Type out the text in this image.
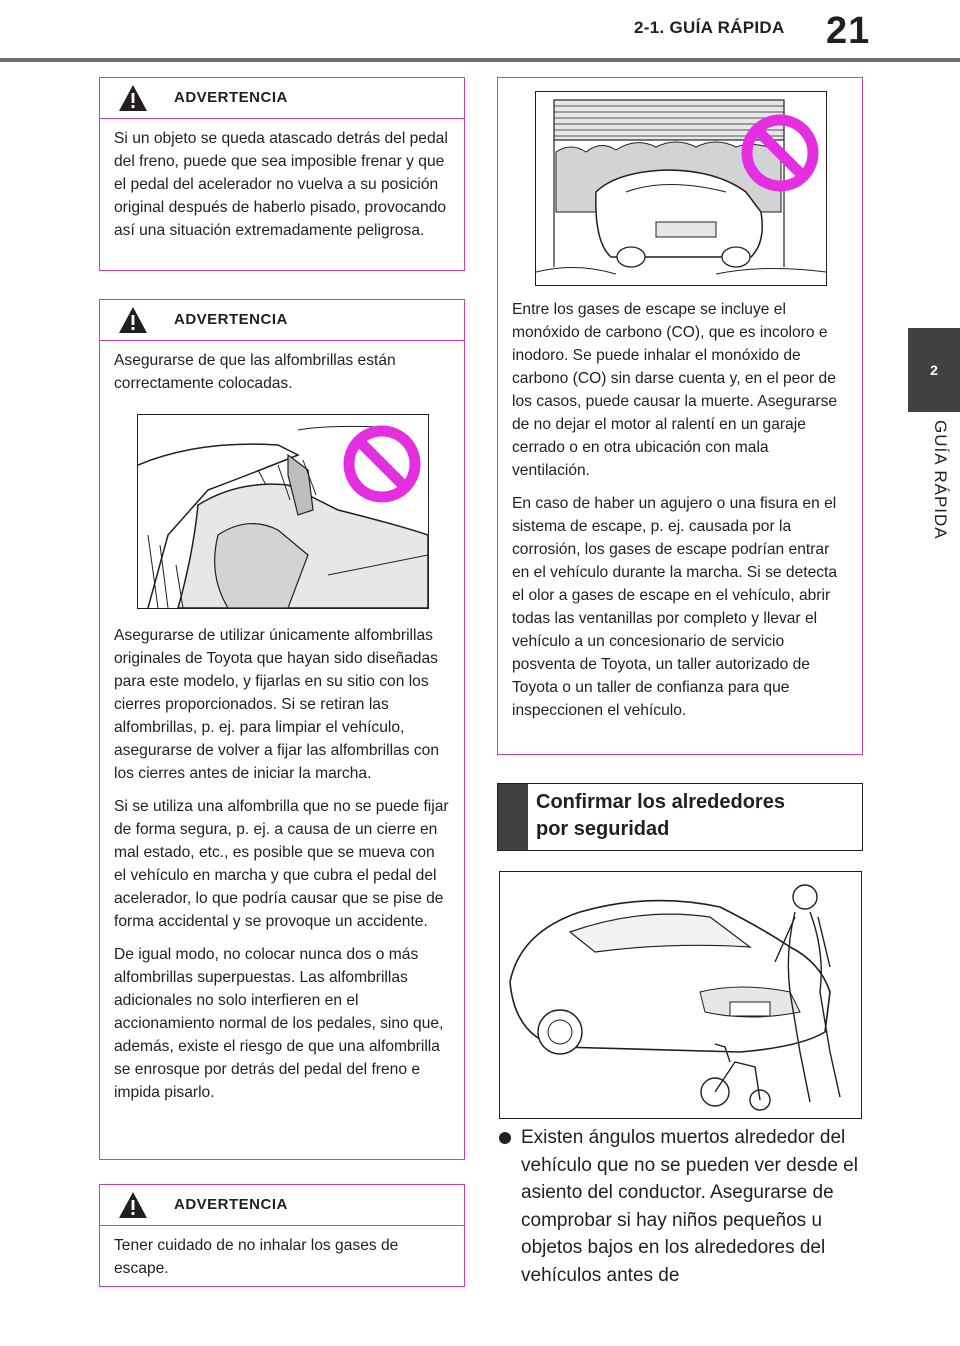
2-1. GUÍA RÁPIDA 21
2
GUÍA RÁPIDA
ADVERTENCIA

Si un objeto se queda atascado detrás del pedal del freno, puede que sea imposible frenar y que el pedal del acelerador no vuelva a su posición original después de haberlo pisado, provocando así una situación extremadamente peligrosa.

ADVERTENCIA

Asegurarse de que las alfombrillas están correctamente colocadas.

Asegurarse de utilizar únicamente alfombrillas originales de Toyota que hayan sido diseñadas para este modelo, y fijarlas en su sitio con los cierres proporcionados. Si se retiran las alfombrillas, p. ej. para limpiar el vehículo, asegurarse de volver a fijar las alfombrillas con los cierres antes de iniciar la marcha.

Si se utiliza una alfombrilla que no se puede fijar de forma segura, p. ej. a causa de un cierre en mal estado, etc., es posible que se mueva con el vehículo en marcha y que cubra el pedal del acelerador, lo que podría causar que se pise de forma accidental y se provoque un accidente.

De igual modo, no colocar nunca dos o más alfombrillas superpuestas. Las alfombrillas adicionales no solo interfieren en el accionamiento normal de los pedales, sino que, además, existe el riesgo de que una alfombrilla se enrosque por detrás del pedal del freno e impida pisarlo.

ADVERTENCIA

Tener cuidado de no inhalar los gases de escape.

Entre los gases de escape se incluye el monóxido de carbono (CO), que es incoloro e inodoro. Se puede inhalar el monóxido de carbono (CO) sin darse cuenta y, en el peor de los casos, puede causar la muerte. Asegurarse de no dejar el motor al ralentí en un garaje cerrado o en otra ubicación con mala ventilación.

En caso de haber un agujero o una fisura en el sistema de escape, p. ej. causada por la corrosión, los gases de escape podrían entrar en el vehículo durante la marcha. Si se detecta el olor a gases de escape en el vehículo, abrir todas las ventanillas por completo y llevar el vehículo a un concesionario de servicio posventa de Toyota, un taller autorizado de Toyota o un taller de confianza para que inspeccionen el vehículo.

Confirmar los alrededores
por seguridad
Existen ángulos muertos alrededor del vehículo que no se pueden ver desde el asiento del conductor. Asegurarse de comprobar si hay niños pequeños u objetos bajos en los alrededores del vehículos antes de
